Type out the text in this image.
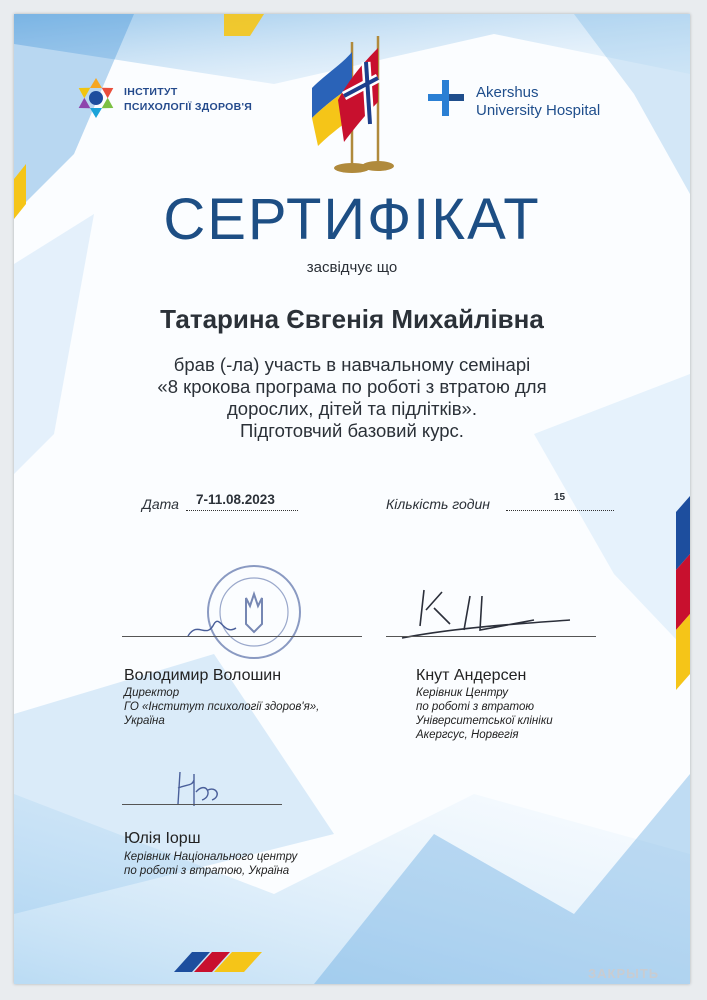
ІНСТИТУТ
ПСИХОЛОГІЇ ЗДОРОВ'Я
Akershus
University Hospital
СЕРТИФІКАТ
засвідчує що
Татарина Євгенія Михайлівна
брав (-ла) участь в навчальному семінарі
«8 крокова програма по роботі з втратою для
дорослих, дітей та підлітків».
Підготовчий базовий курс.
Дата 7-11.08.2023	Кількість годин	15
Володимир Волошин
Директор
ГО «Інститут психології здоров'я»,
Україна
Кнут Андерсен
Керівник Центру
по роботі з втратою
Університетської клініки
Акергсус, Норвегія
Юлія Іорш
Керівник Національного центру
по роботі з втратою, Україна
ЗАКРЫТЬ
